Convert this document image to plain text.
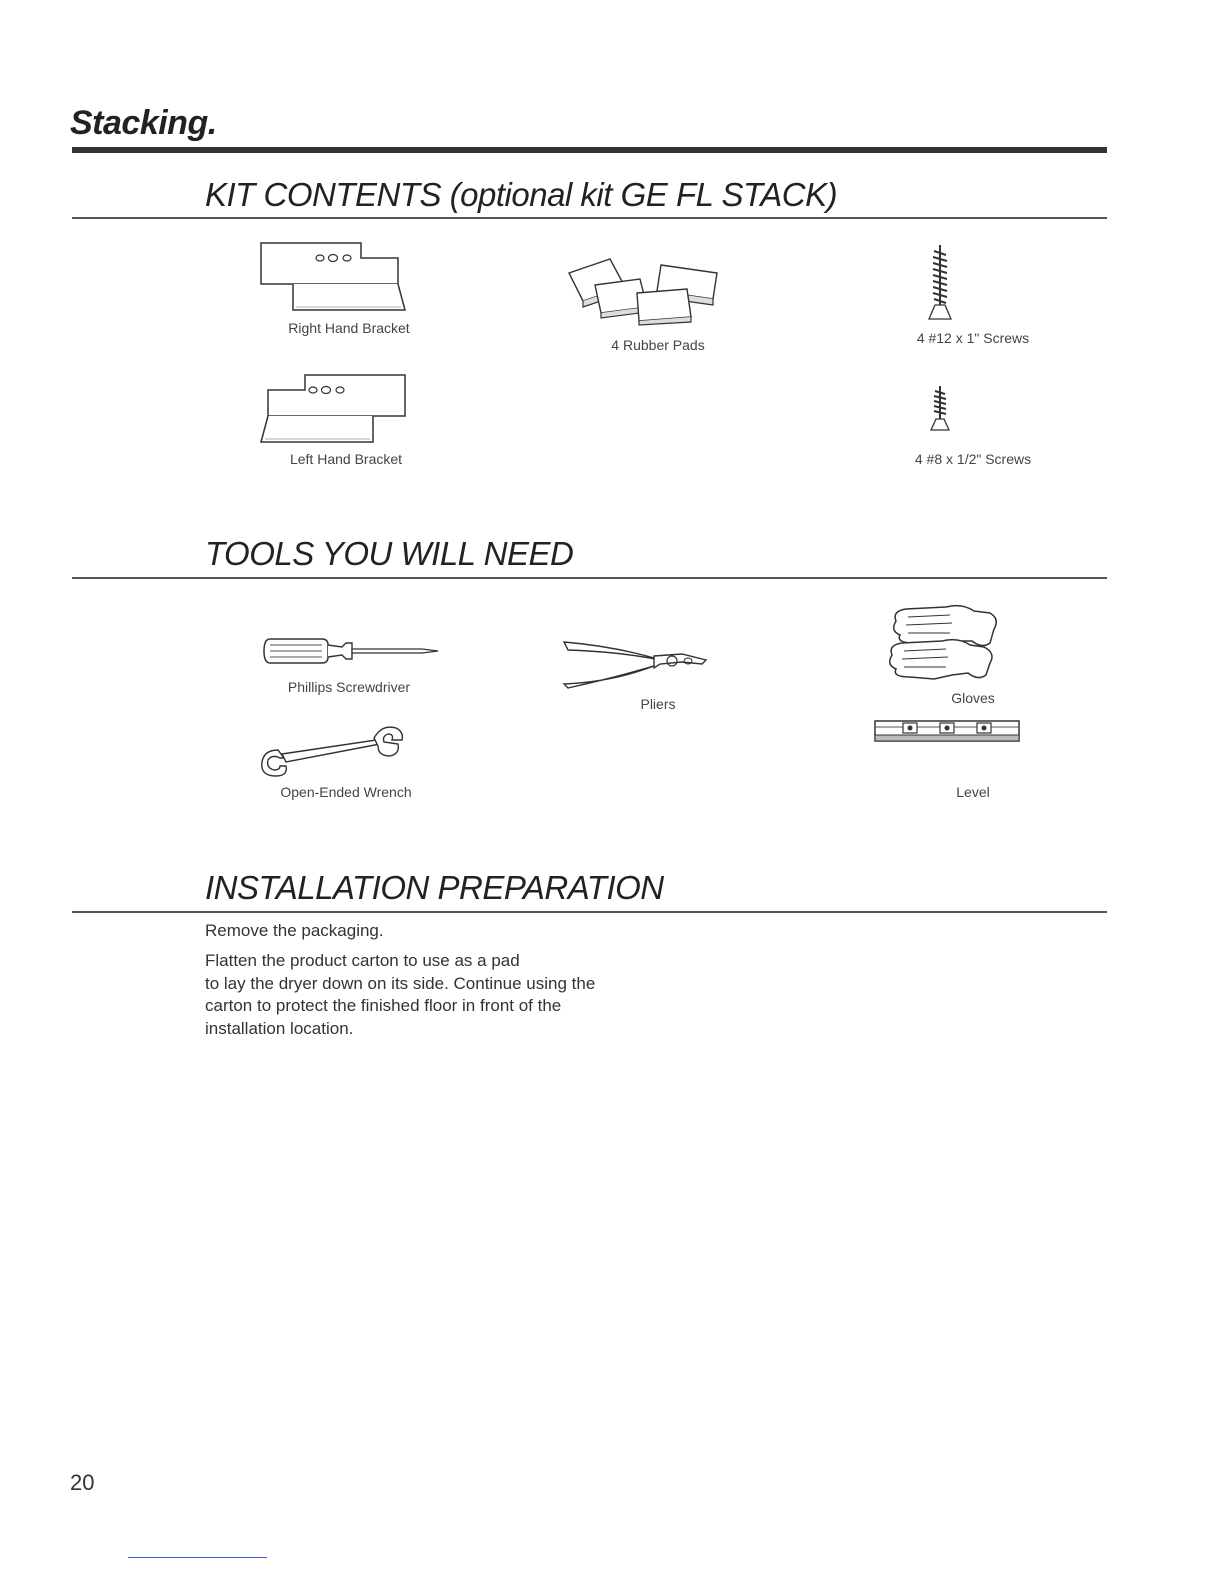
Stacking.
KIT CONTENTS (optional kit GE FL STACK)
Right Hand Bracket
4 Rubber Pads	4 #12 x 1" Screws
Left Hand Bracket	4 #8 x 1/2" Screws
TOOLS YOU WILL NEED
Phillips Screwdriver
Pliers	Gloves
Open-Ended Wrench	Level
INSTALLATION PREPARATION
Remove the packaging.
Flatten the product carton to use as a pad
to lay the dryer down on its side. Continue using the
carton to protect the finished floor in front of the
installation location.
20
